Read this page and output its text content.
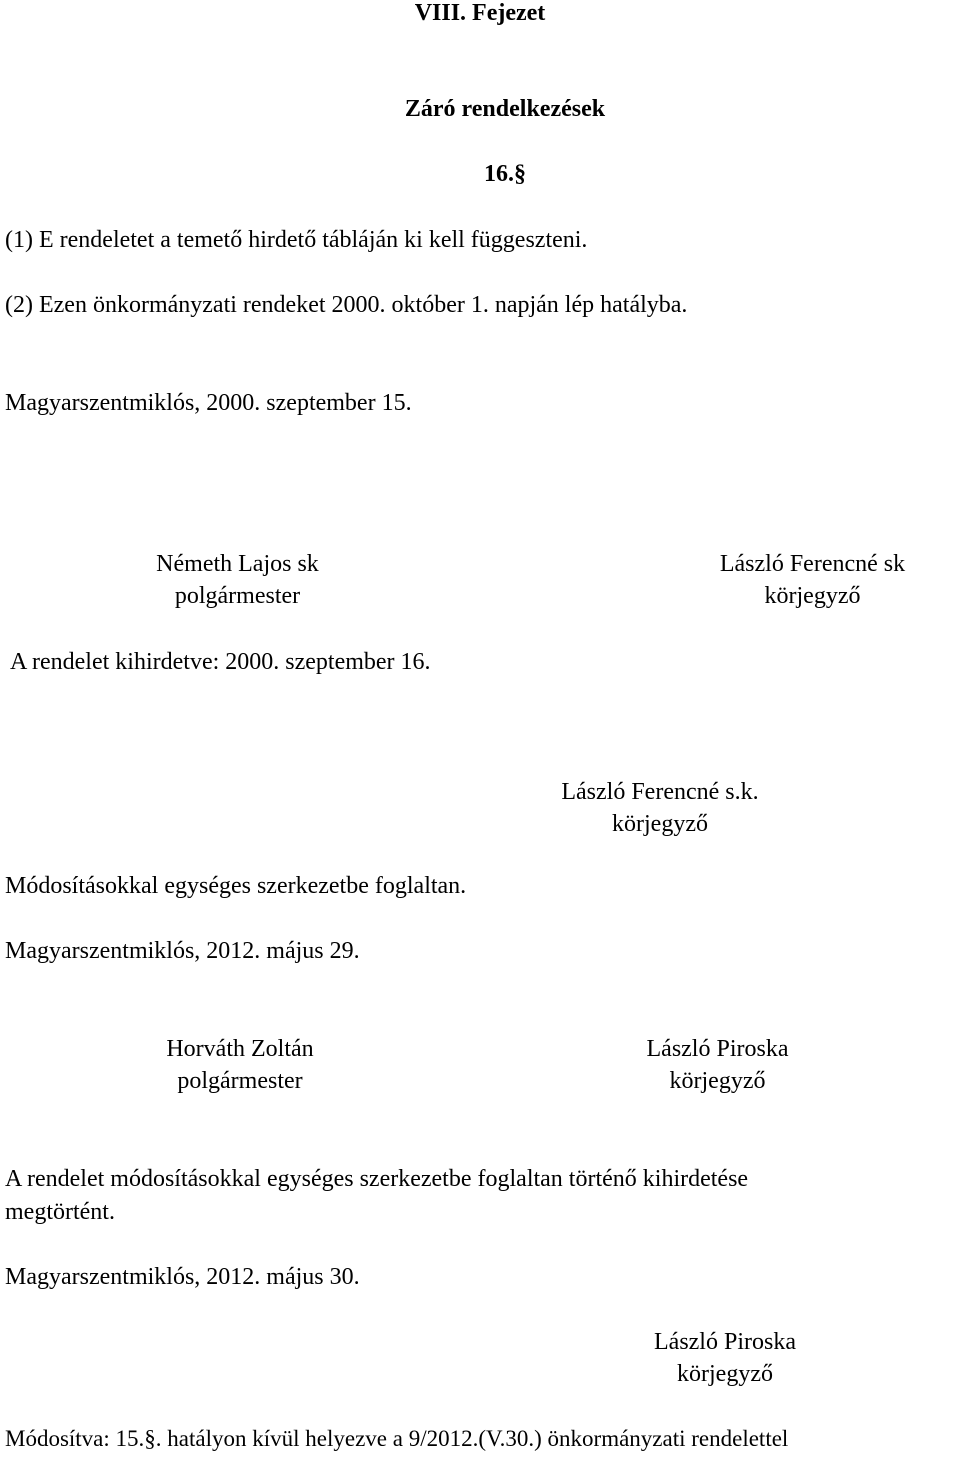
VIII. Fejezet
Záró rendelkezések
16.§
(1) E rendeletet a temető hirdető tábláján ki kell függeszteni.
(2) Ezen önkormányzati rendeket 2000. október 1. napján lép hatályba.
Magyarszentmiklós, 2000. szeptember 15.
Németh Lajos sk
polgármester
László Ferencné sk
körjegyző
A rendelet kihirdetve: 2000. szeptember 16.
László Ferencné s.k.
körjegyző
Módosításokkal egységes szerkezetbe foglaltan.
Magyarszentmiklós, 2012. május 29.
Horváth Zoltán
polgármester
László Piroska
körjegyző
A rendelet módosításokkal egységes szerkezetbe foglaltan történő kihirdetése
megtörtént.
Magyarszentmiklós, 2012. május 30.
László Piroska
körjegyző
Módosítva: 15.§. hatályon kívül helyezve a 9/2012.(V.30.) önkormányzati rendelettel
